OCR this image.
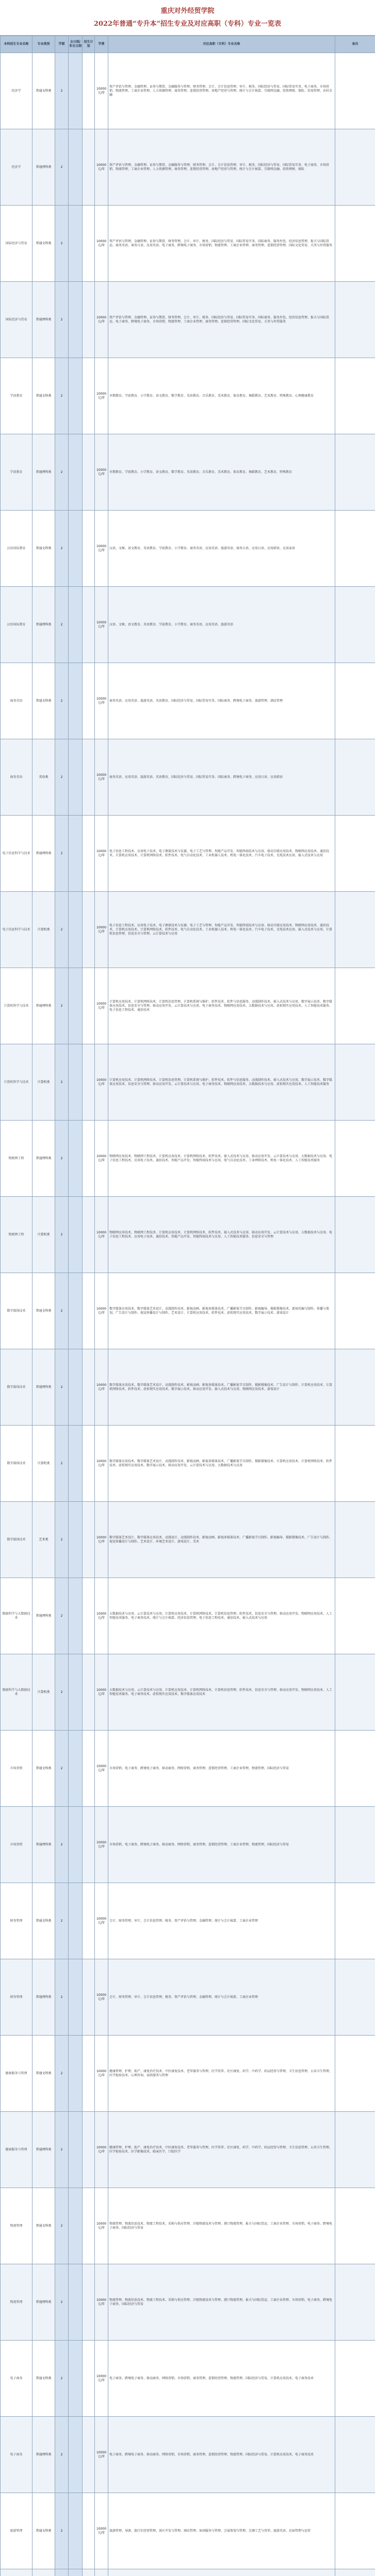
重庆对外经贸学院
2022年普通“专升本”招生专业及对应高职（专科）专业一览表
本科招生专业名称	专业类别	学制	全日制/非全日制	招生计划	学费	对应高职（专科）专业名称	备注
经济学	普通文科类	2			10000元/年	资产评估与管理、金融管理、证券与期货、金融服务与管理、财务管理、会计、会计信息管理、审计、税务、国际经济与贸易、国际贸易实务、电子商务、市场营销、物流管理、工商企业管理、人力资源管理、商务管理、连锁经营管理、房地产经营与管理、统计与会计核算、互联网金融、投资理财、保险、信用管理、农村金融	
经济学	普通理科类	2			10000元/年	资产评估与管理、金融管理、证券与期货、金融服务与管理、财务管理、会计、会计信息管理、审计、税务、国际经济与贸易、国际贸易实务、电子商务、市场营销、物流管理、工商企业管理、人力资源管理、商务管理、连锁经营管理、房地产经营与管理、统计与会计核算、互联网金融、投资理财、保险	
国际经济与贸易	普通文科类	2			10000元/年	资产评估与管理、金融管理、证券与期货、财务管理、会计、审计、税务、国际经济与贸易、国际贸易实务、国际商务、服务外包、经济信息管理、报关与国际货运、商务英语、商务日语、应用英语、电子商务、跨境电子商务、市场营销、物流管理、工商企业管理、商务管理、连锁经营管理、国际文化贸易、关务与外贸服务	
国际经济与贸易	普通理科类	2			10000元/年	资产评估与管理、金融管理、证券与期货、财务管理、会计、审计、税务、国际经济与贸易、国际贸易实务、国际商务、服务外包、经济信息管理、报关与国际货运、电子商务、跨境电子商务、市场营销、物流管理、工商企业管理、商务管理、连锁经营管理、国际文化贸易、关务与外贸服务	
学前教育	普通文科类	2			10000元/年	早期教育、学前教育、小学教育、语文教育、数学教育、英语教育、音乐教育、美术教育、体育教育、舞蹈教育、艺术教育、特殊教育、心理健康教育	
学前教育	普通理科类	2			10000元/年	早期教育、学前教育、小学教育、语文教育、数学教育、英语教育、音乐教育、美术教育、体育教育、舞蹈教育、艺术教育、特殊教育	
汉语国际教育	普通文科类	2			10000元/年	汉语、文秘、语文教育、英语教育、学前教育、小学教育、商务英语、应用英语、旅游英语、商务日语、应用日语、应用韩语、应用泰语	
汉语国际教育	普通理科类	2			10000元/年	汉语、文秘、语文教育、英语教育、学前教育、小学教育、商务英语、应用英语、旅游英语	
商务英语	普通文科类	2			10000元/年	商务英语、应用英语、旅游英语、英语教育、国际经济与贸易、国际贸易实务、国际商务、跨境电子商务、旅游管理、酒店管理	
商务英语	英语类	2			10000元/年	商务英语、应用英语、旅游英语、英语教育、国际经济与贸易、国际贸易实务、国际商务、跨境电子商务、应用日语、应用韩语	
电子信息科学与技术	普通理科类	2			10000元/年	电子信息工程技术、应用电子技术、电子测量技术与仪器、电子工艺与管理、智能产品开发、智能终端技术与应用、移动互联应用技术、物联网应用技术、通信技术、计算机应用技术、计算机网络技术、软件技术、电气自动化技术、工业机器人技术、机电一体化技术、汽车电子技术、光电技术应用、嵌入式技术与应用	
电子信息科学与技术	计算机类	2			10000元/年	电子信息工程技术、应用电子技术、电子测量技术与仪器、电子工艺与管理、智能产品开发、智能终端技术与应用、移动互联应用技术、物联网应用技术、通信技术、计算机应用技术、计算机网络技术、软件技术、电气自动化技术、工业机器人技术、机电一体化技术、汽车电子技术、光电技术应用、嵌入式技术与应用、计算机信息管理、信息安全与管理、云计算技术与应用	
计算机科学与技术	普通理科类	2			10000元/年	计算机应用技术、计算机网络技术、计算机信息管理、计算机系统与维护、软件技术、软件与信息服务、动漫制作技术、嵌入式技术与应用、数字展示技术、数字媒体应用技术、信息安全与管理、移动应用开发、云计算技术与应用、电子商务技术、物联网应用技术、大数据技术与应用、虚拟现实应用技术、人工智能技术服务、电子信息工程技术、通信技术	
计算机科学与技术	计算机类	2			10000元/年	计算机应用技术、计算机网络技术、计算机信息管理、计算机系统与维护、软件技术、软件与信息服务、动漫制作技术、嵌入式技术与应用、数字展示技术、数字媒体应用技术、信息安全与管理、移动应用开发、云计算技术与应用、电子商务技术、物联网应用技术、大数据技术与应用、虚拟现实应用技术、人工智能技术服务	
物联网工程	普通理科类	2			10000元/年	物联网应用技术、物联网工程技术、计算机应用技术、计算机网络技术、软件技术、嵌入式技术与应用、移动应用开发、云计算技术与应用、大数据技术与应用、电子信息工程技术、应用电子技术、通信技术、智能产品开发、智能终端技术与应用、电气自动化技术、工业网络技术、机电一体化技术、人工智能技术服务	
物联网工程	计算机类	2			10000元/年	物联网应用技术、物联网工程技术、计算机应用技术、计算机网络技术、软件技术、嵌入式技术与应用、移动应用开发、云计算技术与应用、大数据技术与应用、电子信息工程技术、应用电子技术、通信技术、智能产品开发、智能终端技术与应用、人工智能技术服务、信息安全与管理	
数字媒体技术	普通文科类	2			10000元/年	数字媒体应用技术、数字媒体艺术设计、动漫制作技术、影视动画、影视多媒体技术、广播影视节目制作、影视编导、摄影摄像技术、新闻采编与制作、传播与策划、广告设计与制作、视觉传播设计与制作、艺术设计、计算机应用技术、软件技术、虚拟现实应用技术、数字展示技术、游戏设计	
数字媒体技术	普通理科类	2			10000元/年	数字媒体应用技术、数字媒体艺术设计、动漫制作技术、影视动画、影视多媒体技术、广播影视节目制作、摄影摄像技术、广告设计与制作、计算机应用技术、计算机网络技术、软件技术、虚拟现实应用技术、数字展示技术、移动应用开发、嵌入式技术与应用、物联网应用技术、游戏设计	
数字媒体技术	计算机类	2			10000元/年	数字媒体应用技术、数字媒体艺术设计、动漫制作技术、影视动画、影视多媒体技术、广播影视节目制作、摄影摄像技术、计算机应用技术、计算机网络技术、软件技术、虚拟现实应用技术、数字展示技术、移动应用开发、云计算技术与应用、大数据技术与应用	
数字媒体技术	艺术类	2			10000元/年	数字媒体艺术设计、数字媒体应用技术、动漫设计、动漫制作技术、影视动画、影视多媒体技术、广播影视节目制作、影视编导、摄影摄像技术、广告设计与制作、视觉传播设计与制作、艺术设计、环境艺术设计、游戏设计、美术	
数据科学与大数据技术	普通理科类	2			10000元/年	大数据技术与应用、云计算技术与应用、计算机应用技术、计算机网络技术、计算机信息管理、软件技术、信息安全与管理、移动应用开发、物联网应用技术、人工智能技术服务、电子商务技术、统计与会计核算、经济信息管理、电子信息工程技术、通信技术、嵌入式技术与应用	
数据科学与大数据技术	计算机类	2			10000元/年	大数据技术与应用、云计算技术与应用、计算机应用技术、计算机网络技术、计算机信息管理、软件技术、信息安全与管理、移动应用开发、物联网应用技术、人工智能技术服务、电子商务技术、虚拟现实应用技术、数字媒体应用技术	
市场营销	普通文科类	2			10000元/年	市场营销、电子商务、跨境电子商务、移动商务、网络营销、商务管理、连锁经营管理、工商企业管理、物流管理、国际经济与贸易	
市场营销	普通理科类	2			10000元/年	市场营销、电子商务、跨境电子商务、移动商务、网络营销、商务管理、连锁经营管理、工商企业管理、物流管理、国际经济与贸易	
财务管理	普通文科类	2			10000元/年	会计、财务管理、审计、会计信息管理、税务、资产评估与管理、金融管理、统计与会计核算、工商企业管理	
财务管理	普通理科类	2			10000元/年	会计、财务管理、审计、会计信息管理、税务、资产评估与管理、金融管理、统计与会计核算、工商企业管理	
健康服务与管理	普通文科类	2			10000元/年	健康管理、护理、助产、康复治疗技术、中医康复技术、老年服务与管理、医学营养、社区康复、药学、中药学、药品经营与管理、卫生信息管理、公共卫生管理、医学检验技术、心理咨询、家政服务与管理	
健康服务与管理	普通理科类	2			10000元/年	健康管理、护理、助产、康复治疗技术、中医康复技术、老年服务与管理、医学营养、社区康复、药学、中药学、药品经营与管理、卫生信息管理、公共卫生管理、医学检验技术、医学影像技术、临床医学、口腔医学	
物流管理	普通文科类	2			10000元/年	物流管理、物流信息技术、物流工程技术、采购与供应管理、冷链物流技术与管理、港口物流管理、报关与国际货运、工商企业管理、市场营销、电子商务、跨境电子商务、国际经济与贸易	
物流管理	普通理科类	2			10000元/年	物流管理、物流信息技术、物流工程技术、采购与供应管理、冷链物流技术与管理、港口物流管理、报关与国际货运、工商企业管理、市场营销、电子商务、跨境电子商务、国际经济与贸易	
电子商务	普通文科类	2			10000元/年	电子商务、跨境电子商务、移动商务、网络营销、市场营销、商务管理、连锁经营管理、物流管理、国际经济与贸易、计算机应用技术、电子商务技术	
电子商务	普通理科类	2			10000元/年	电子商务、跨境电子商务、移动商务、网络营销、市场营销、商务管理、连锁经营管理、物流管理、国际经济与贸易、计算机应用技术、电子商务技术	
旅游管理	普通文科类	2			10000元/年	旅游管理、导游、旅行社经营管理、景区开发与管理、酒店管理、休闲服务与管理、会展策划与管理、烹调工艺与营养、旅游英语、民宿管理与运营	
